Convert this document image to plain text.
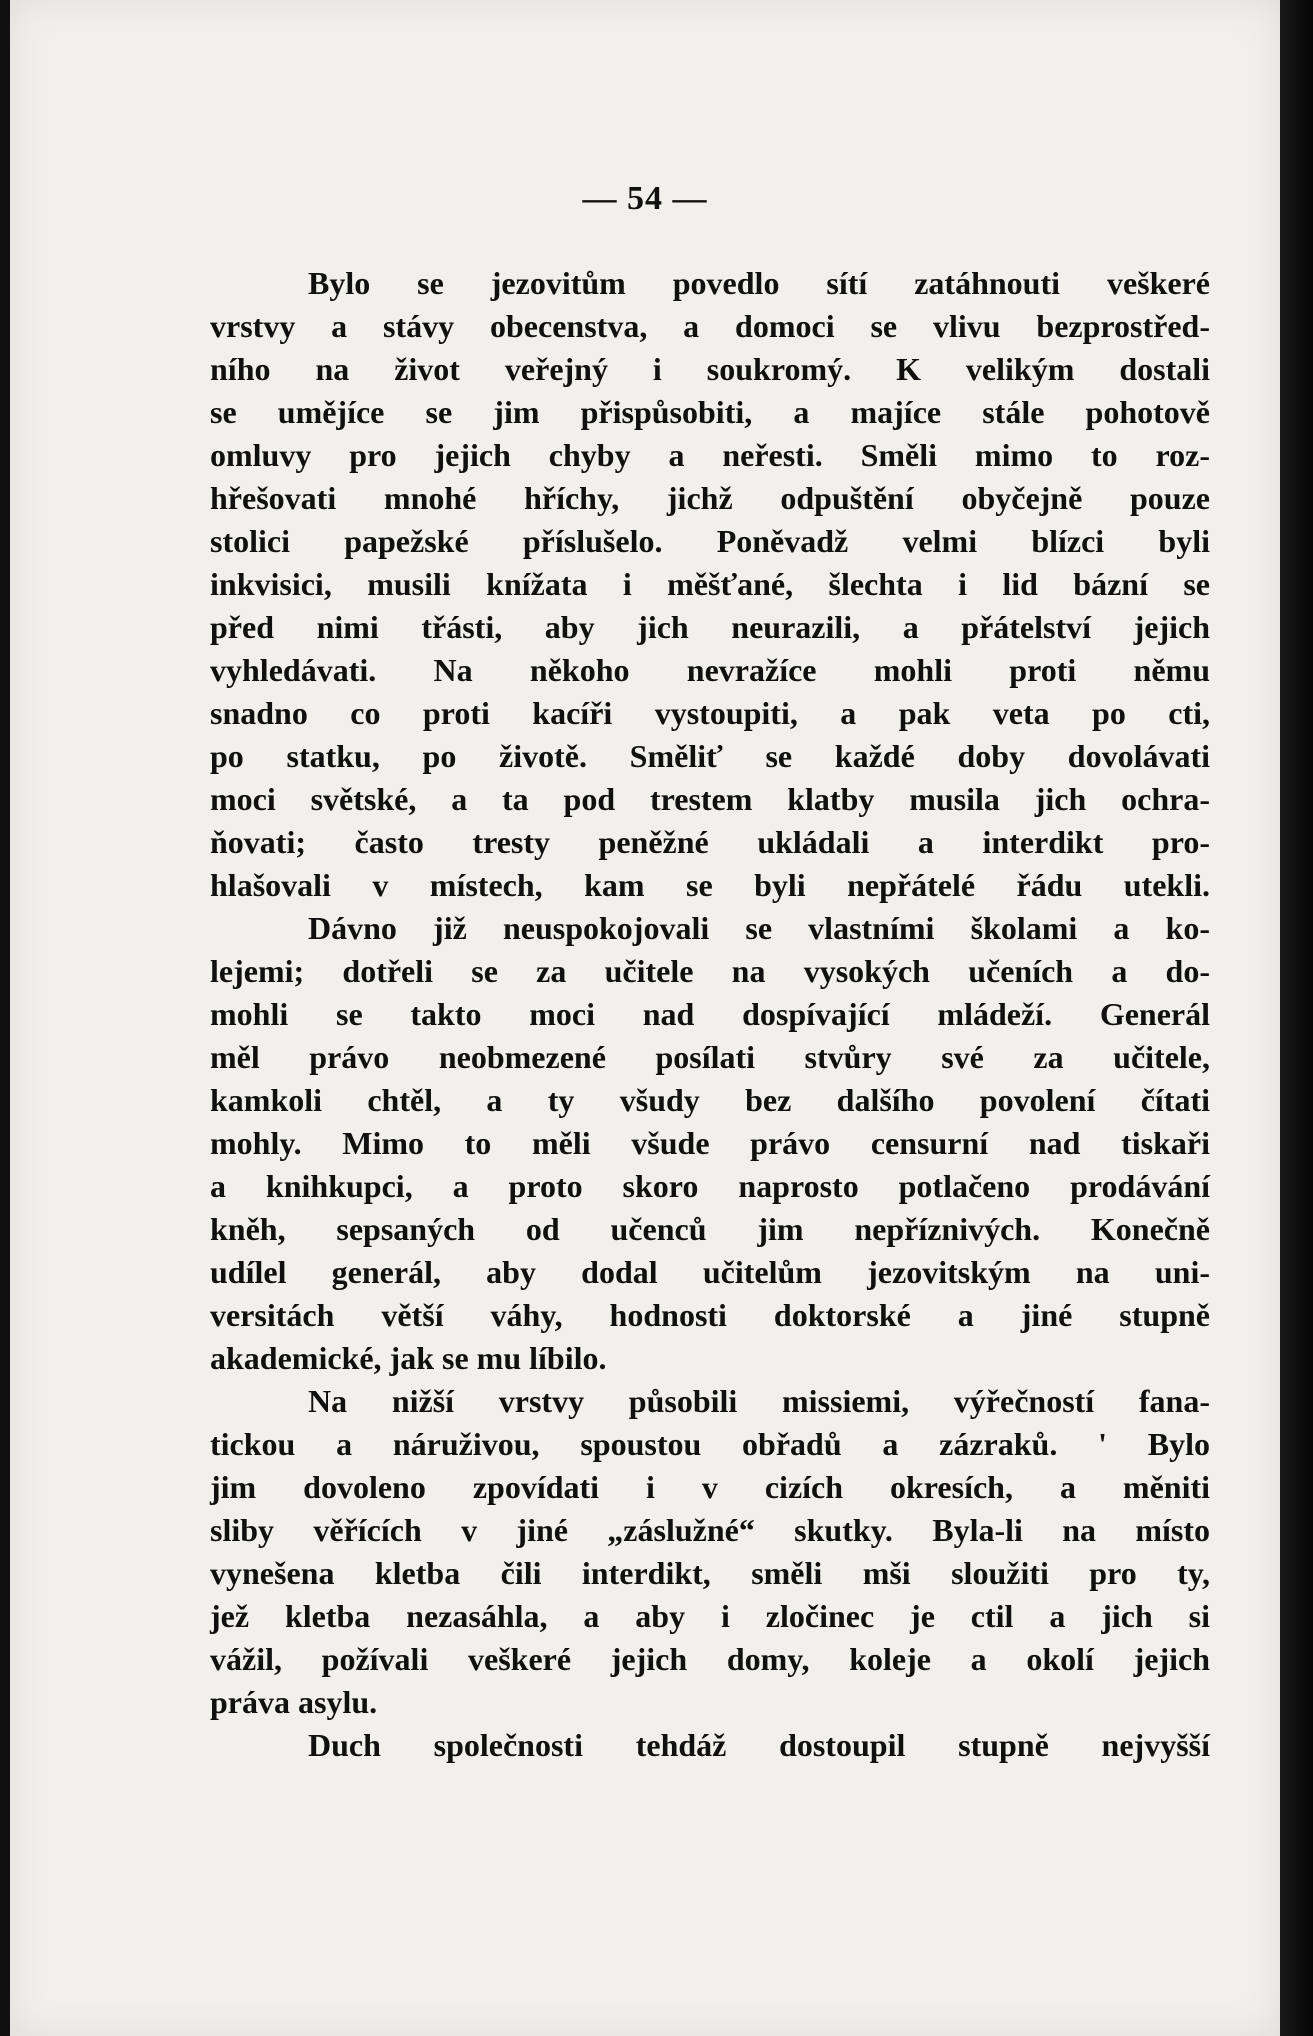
— 54 —
Bylo se jezovitům povedlo sítí zatáhnouti veškeré
vrstvy a stávy obecenstva, a domoci se vlivu bezprostřed-
ního na život veřejný i soukromý. K velikým dostali
se umějíce se jim přispůsobiti, a majíce stále pohotově
omluvy pro jejich chyby a neřesti. Směli mimo to roz-
hřešovati mnohé hříchy, jichž odpuštění obyčejně pouze
stolici papežské příslušelo. Poněvadž velmi blízci byli
inkvisici, musili knížata i měšťané, šlechta i lid bázní se
před nimi třásti, aby jich neurazili, a přátelství jejich
vyhledávati. Na někoho nevražíce mohli proti němu
snadno co proti kacíři vystoupiti, a pak veta po cti,
po statku, po životě. Směliť se každé doby dovolávati
moci světské, a ta pod trestem klatby musila jich ochra-
ňovati; často tresty peněžné ukládali a interdikt pro-
hlašovali v místech, kam se byli nepřátelé řádu utekli.
Dávno již neuspokojovali se vlastními školami a ko-
lejemi; dotřeli se za učitele na vysokých učeních a do-
mohli se takto moci nad dospívající mládeží. Generál
měl právo neobmezené posílati stvůry své za učitele,
kamkoli chtěl, a ty všudy bez dalšího povolení čítati
mohly. Mimo to měli všude právo censurní nad tiskaři
a knihkupci, a proto skoro naprosto potlačeno prodávání
kněh, sepsaných od učenců jim nepříznivých. Konečně
udílel generál, aby dodal učitelům jezovitským na uni-
versitách větší váhy, hodnosti doktorské a jiné stupně
akademické, jak se mu líbilo.
Na nižší vrstvy působili missiemi, výřečností fana-
tickou a náruživou, spoustou obřadů a zázraků. ' Bylo
jim dovoleno zpovídati i v cizích okresích, a měniti
sliby věřících v jiné „záslužné“ skutky. Byla-li na místo
vynešena kletba čili interdikt, směli mši sloužiti pro ty,
jež kletba nezasáhla, a aby i zločinec je ctil a jich si
vážil, požívali veškeré jejich domy, koleje a okolí jejich
práva asylu.
Duch společnosti tehdáž dostoupil stupně nejvyšší
